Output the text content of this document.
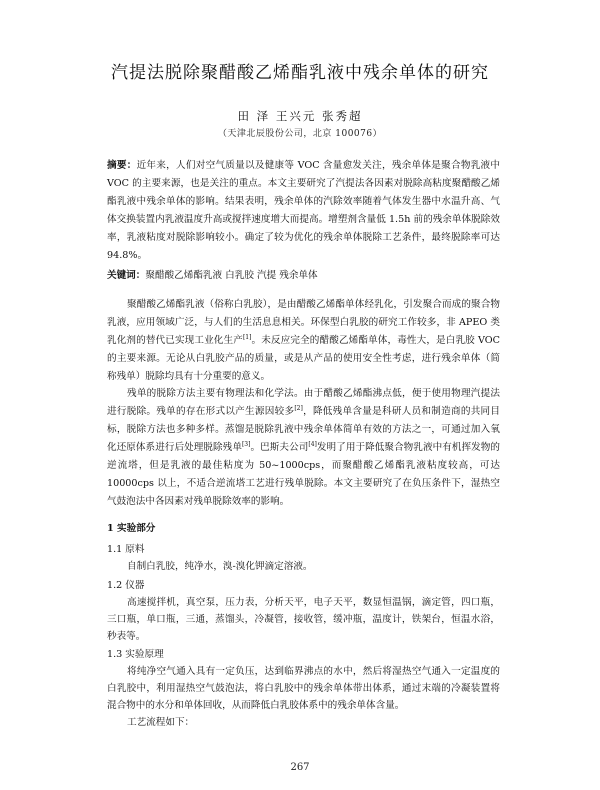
汽提法脱除聚醋酸乙烯酯乳液中残余单体的研究
田 泽 王兴元 张秀超
（天津北辰股份公司，北京 100076）
摘要：近年来，人们对空气质量以及健康等 VOC 含量愈发关注，残余单体是聚合物乳液中 VOC 的主要来源，也是关注的重点。本文主要研究了汽提法各因素对脱除高粘度聚醋酸乙烯酯乳液中残余单体的影响。结果表明，残余单体的汽除效率随着气体发生器中水温升高、气体交换装置内乳液温度升高或搅拌速度增大而提高。增塑剂含量低 1.5h 前的残余单体脱除效率，乳液粘度对脱除影响较小。确定了较为优化的残余单体脱除工艺条件，最终脱除率可达 94.8%。
关键词：聚醋酸乙烯酯乳液 白乳胶 汽提 残余单体

聚醋酸乙烯酯乳液（俗称白乳胶），是由醋酸乙烯酯单体经乳化，引发聚合而成的聚合物乳液，应用领域广泛，与人们的生活息息相关。环保型白乳胶的研究工作较多，非 APEO 类乳化剂的替代已实现工业化生产[1]。未反应完全的醋酸乙烯酯单体，毒性大，是白乳胶 VOC 的主要来源。无论从白乳胶产品的质量，或是从产品的使用安全性考虑，进行残余单体（简称残单）脱除均具有十分重要的意义。

残单的脱除方法主要有物理法和化学法。由于醋酸乙烯酯沸点低，便于使用物理汽提法进行脱除。残单的存在形式以产生源因较多[2]，降低残单含量是科研人员和制造商的共同目标，脱除方法也多种多样。蒸馏是脱除乳液中残余单体简单有效的方法之一，可通过加入氧化还原体系进行后处理脱除残单[3]。巴斯夫公司[4]发明了用于降低聚合物乳液中有机挥发物的逆流塔，但是乳液的最佳粘度为 50~1000cps，而聚醋酸乙烯酯乳液粘度较高，可达 10000cps 以上，不适合逆流塔工艺进行残单脱除。本文主要研究了在负压条件下，湿热空气鼓泡法中各因素对残单脱除效率的影响。

1 实验部分
1.1 原料

自制白乳胶，纯净水，溴-溴化钾滴定溶液。

1.2 仪器

高速搅拌机，真空泵，压力表，分析天平，电子天平，数显恒温锅，滴定管，四口瓶，三口瓶，单口瓶，三通，蒸馏头，冷凝管，接收管，缓冲瓶，温度计，铁架台，恒温水浴，秒表等。

1.3 实验原理

将纯净空气通入具有一定负压，达到临界沸点的水中，然后将湿热空气通入一定温度的白乳胶中，利用湿热空气鼓泡法，将白乳胶中的残余单体带出体系，通过末端的冷凝装置将混合物中的水分和单体回收，从而降低白乳胶体系中的残余单体含量。

工艺流程如下：

267
